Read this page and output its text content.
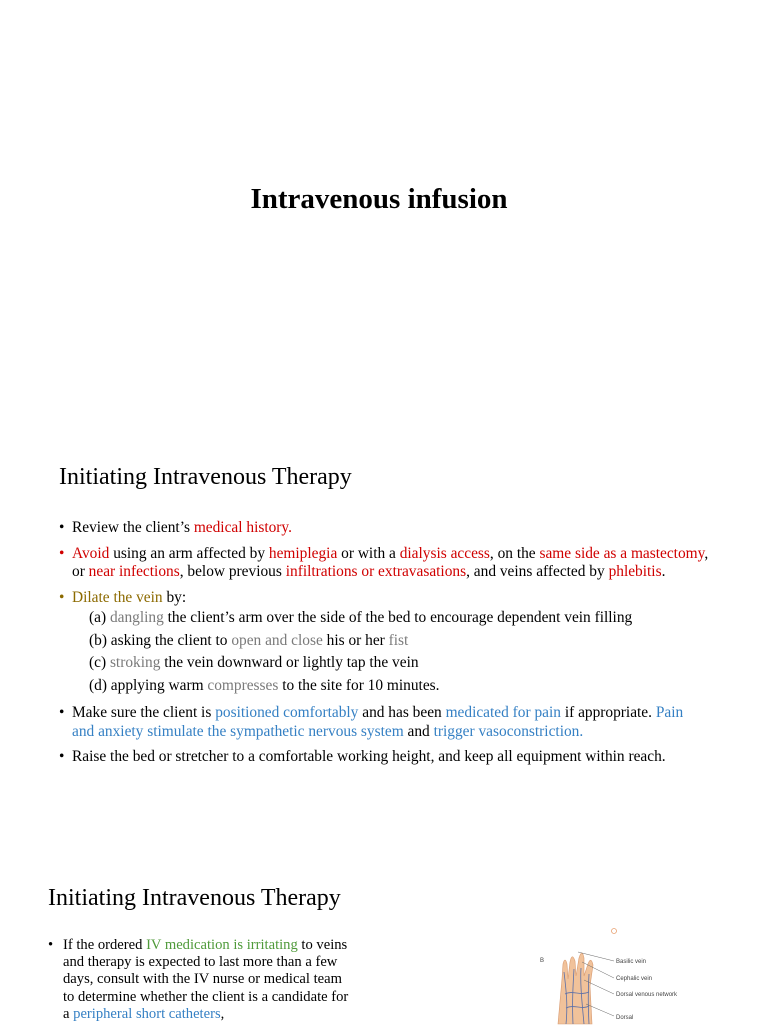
Intravenous infusion
Initiating Intravenous Therapy
• Review the client’s medical history.
• Avoid using an arm affected by hemiplegia or with a dialysis access, on the same side as a mastectomy, or near infections, below previous infiltrations or extravasations, and veins affected by phlebitis.
• Dilate the vein by:
(a) dangling the client’s arm over the side of the bed to encourage dependent vein filling
(b) asking the client to open and close his or her fist
(c) stroking the vein downward or lightly tap the vein
(d) applying warm compresses to the site for 10 minutes.
• Make sure the client is positioned comfortably and has been medicated for pain if appropriate. Pain and anxiety stimulate the sympathetic nervous system and trigger vasoconstriction.
• Raise the bed or stretcher to a comfortable working height, and keep all equipment within reach.
Initiating Intravenous Therapy
• If the ordered IV medication is irritating to veins and therapy is expected to last more than a few days, consult with the IV nurse or medical team to determine whether the client is a candidate for a peripheral short catheters,
B	Basilic vein
Cephalic vein
Dorsal venous network
Dorsal
